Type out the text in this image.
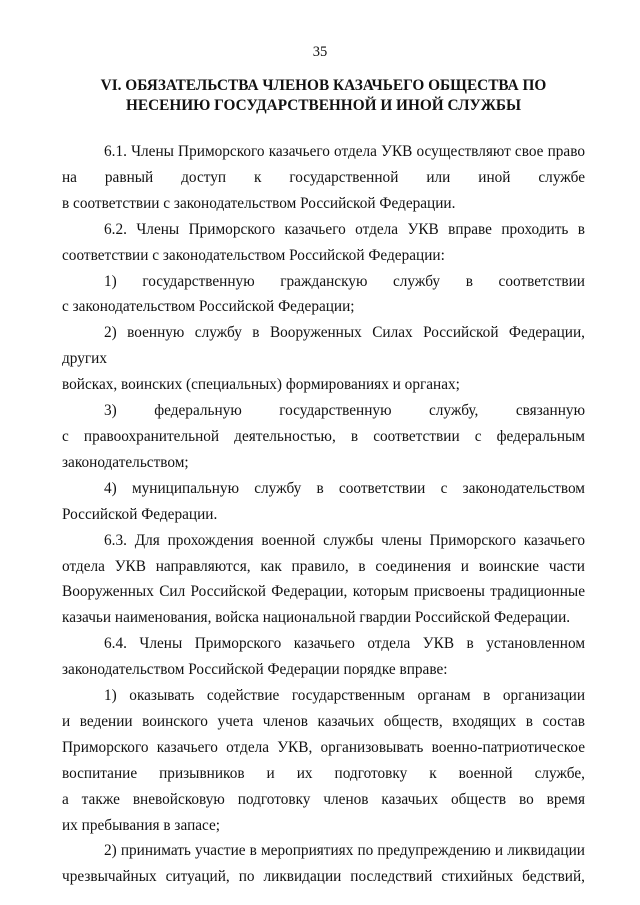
35
VI. ОБЯЗАТЕЛЬСТВА ЧЛЕНОВ КАЗАЧЬЕГО ОБЩЕСТВА ПО
НЕСЕНИЮ ГОСУДАРСТВЕННОЙ И ИНОЙ СЛУЖБЫ

6.1. Члены Приморского казачьего отдела УКВ осуществляют свое право
на равный доступ к государственной или иной службе
в соответствии с законодательством Российской Федерации.

6.2. Члены Приморского казачьего отдела УКВ вправе проходить в
соответствии с законодательством Российской Федерации:

1) государственную гражданскую службу в соответствии
с законодательством Российской Федерации;

2) военную службу в Вооруженных Силах Российской Федерации, других
войсках, воинских (специальных) формированиях и органах;

3) федеральную государственную службу, связанную
с правоохранительной деятельностью, в соответствии с федеральным
законодательством;

4) муниципальную службу в соответствии с законодательством
Российской Федерации.

6.3. Для прохождения военной службы члены Приморского казачьего
отдела УКВ направляются, как правило, в соединения и воинские части
Вооруженных Сил Российской Федерации, которым присвоены традиционные
казачьи наименования, войска национальной гвардии Российской Федерации.

6.4. Члены Приморского казачьего отдела УКВ в установленном
законодательством Российской Федерации порядке вправе:

1) оказывать содействие государственным органам в организации
и ведении воинского учета членов казачьих обществ, входящих в состав
Приморского казачьего отдела УКВ, организовывать военно-патриотическое
воспитание призывников и их подготовку к военной службе,
а также вневойсковую подготовку членов казачьих обществ во время
их пребывания в запасе;

2) принимать участие в мероприятиях по предупреждению и ликвидации
чрезвычайных ситуаций, по ликвидации последствий стихийных бедствий,
